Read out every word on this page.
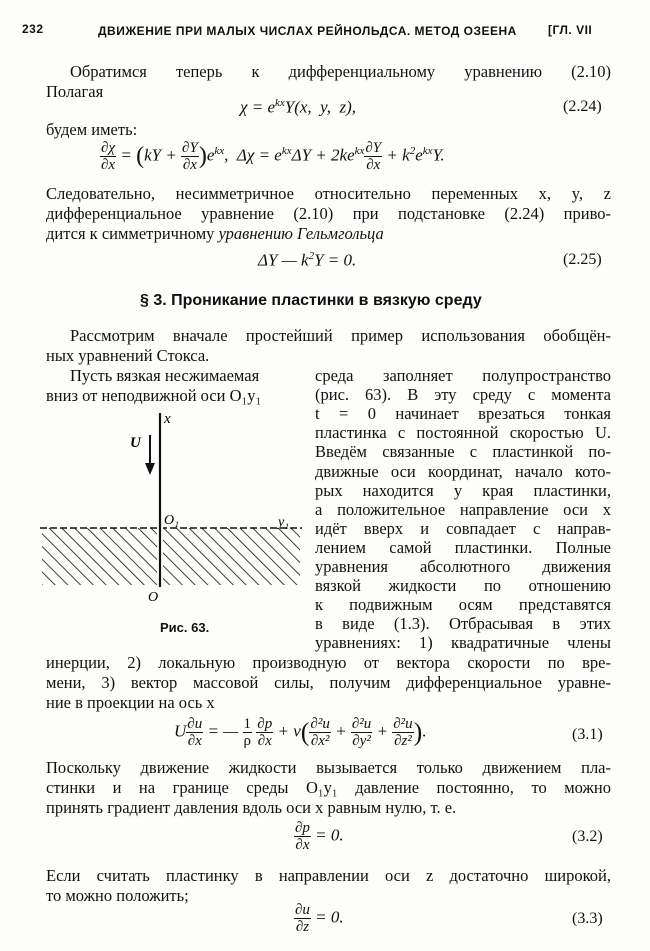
232	ДВИЖЕНИЕ ПРИ МАЛЫХ ЧИСЛАХ РЕЙНОЛЬДСА. МЕТОД ОЗЕЕНА	[ГЛ. VII
Обратимся теперь к дифференциальному уравнению (2.10)
Полагая
$\chi = e^{kx}Y(x$,  y,  z),	(2.24)
будем иметь:
$\frac{\partial\chi}{\partial x} = (kY + \frac{\partial Y}{\partial x} )e^{kx}$,  $\Delta\chi = e^{kx}\Delta Y + 2ke^{kx} \frac{\partial Y}{\partial x} + k^2e^{kx}Y$.
Следовательно, несимметричное относительно переменных x, y, z
дифференциальное уравнение (2.10) при подстановке (2.24) приво-
дится к симметричному уравнению Гельмгольца
ΔY — $k^2Y = 0$.	(2.25)
§ 3. Проникание пластинки в вязкую среду
Рассмотрим вначале простейший пример использования обобщён-
ных уравнений Стокса.
Пусть вязкая несжимаемая
вниз от неподвижной оси O₁y₁
среда заполняет полупространство
(рис. 63). В эту среду с момента
t = 0 начинает врезаться тонкая
пластинка с постоянной скоростью U.
Введём связанные с пластинкой по-
движные оси координат, начало кото-
рых находится у края пластинки,
а положительное направление оси x
идёт вверх и совпадает с направ-
лением самой пластинки. Полные
уравнения абсолютного движения
вязкой жидкости по отношению
к подвижным осям представятся
в виде (1.3). Отбрасывая в этих
уравнениях: 1) квадратичные члены
x
U
O₁	y₁
O
Рис. 63.
инерции, 2) локальную производную от вектора скорости по вре-
мени, 3) вектор массовой силы, получим дифференциальное уравне-
ние в проекции на ось x
U $\frac{\partial u}{\partial x}$ = — $\frac{1}{\rho}$
$\frac{\partial p}{\partial x} + \nu( \frac{\text{∂²u}}{\text{∂x²}} + \frac{\text{∂²u}}{\text{∂y²}} + \frac{\text{∂²u}}{\text{∂z²}}$ ).	(3.1)
Поскольку движение жидкости вызывается только движением пла-
стинки и на границе среды O₁y₁ давление постоянно, то можно
принять градиент давления вдоль оси x равным нулю, т. е.
$\frac{\partial p}{\partial x} = 0$.	(3.2)
Если считать пластинку в направлении оси z достаточно широкой,
то можно положить;
$\frac{\partial u}{\partial z} = 0$.	(3.3)
